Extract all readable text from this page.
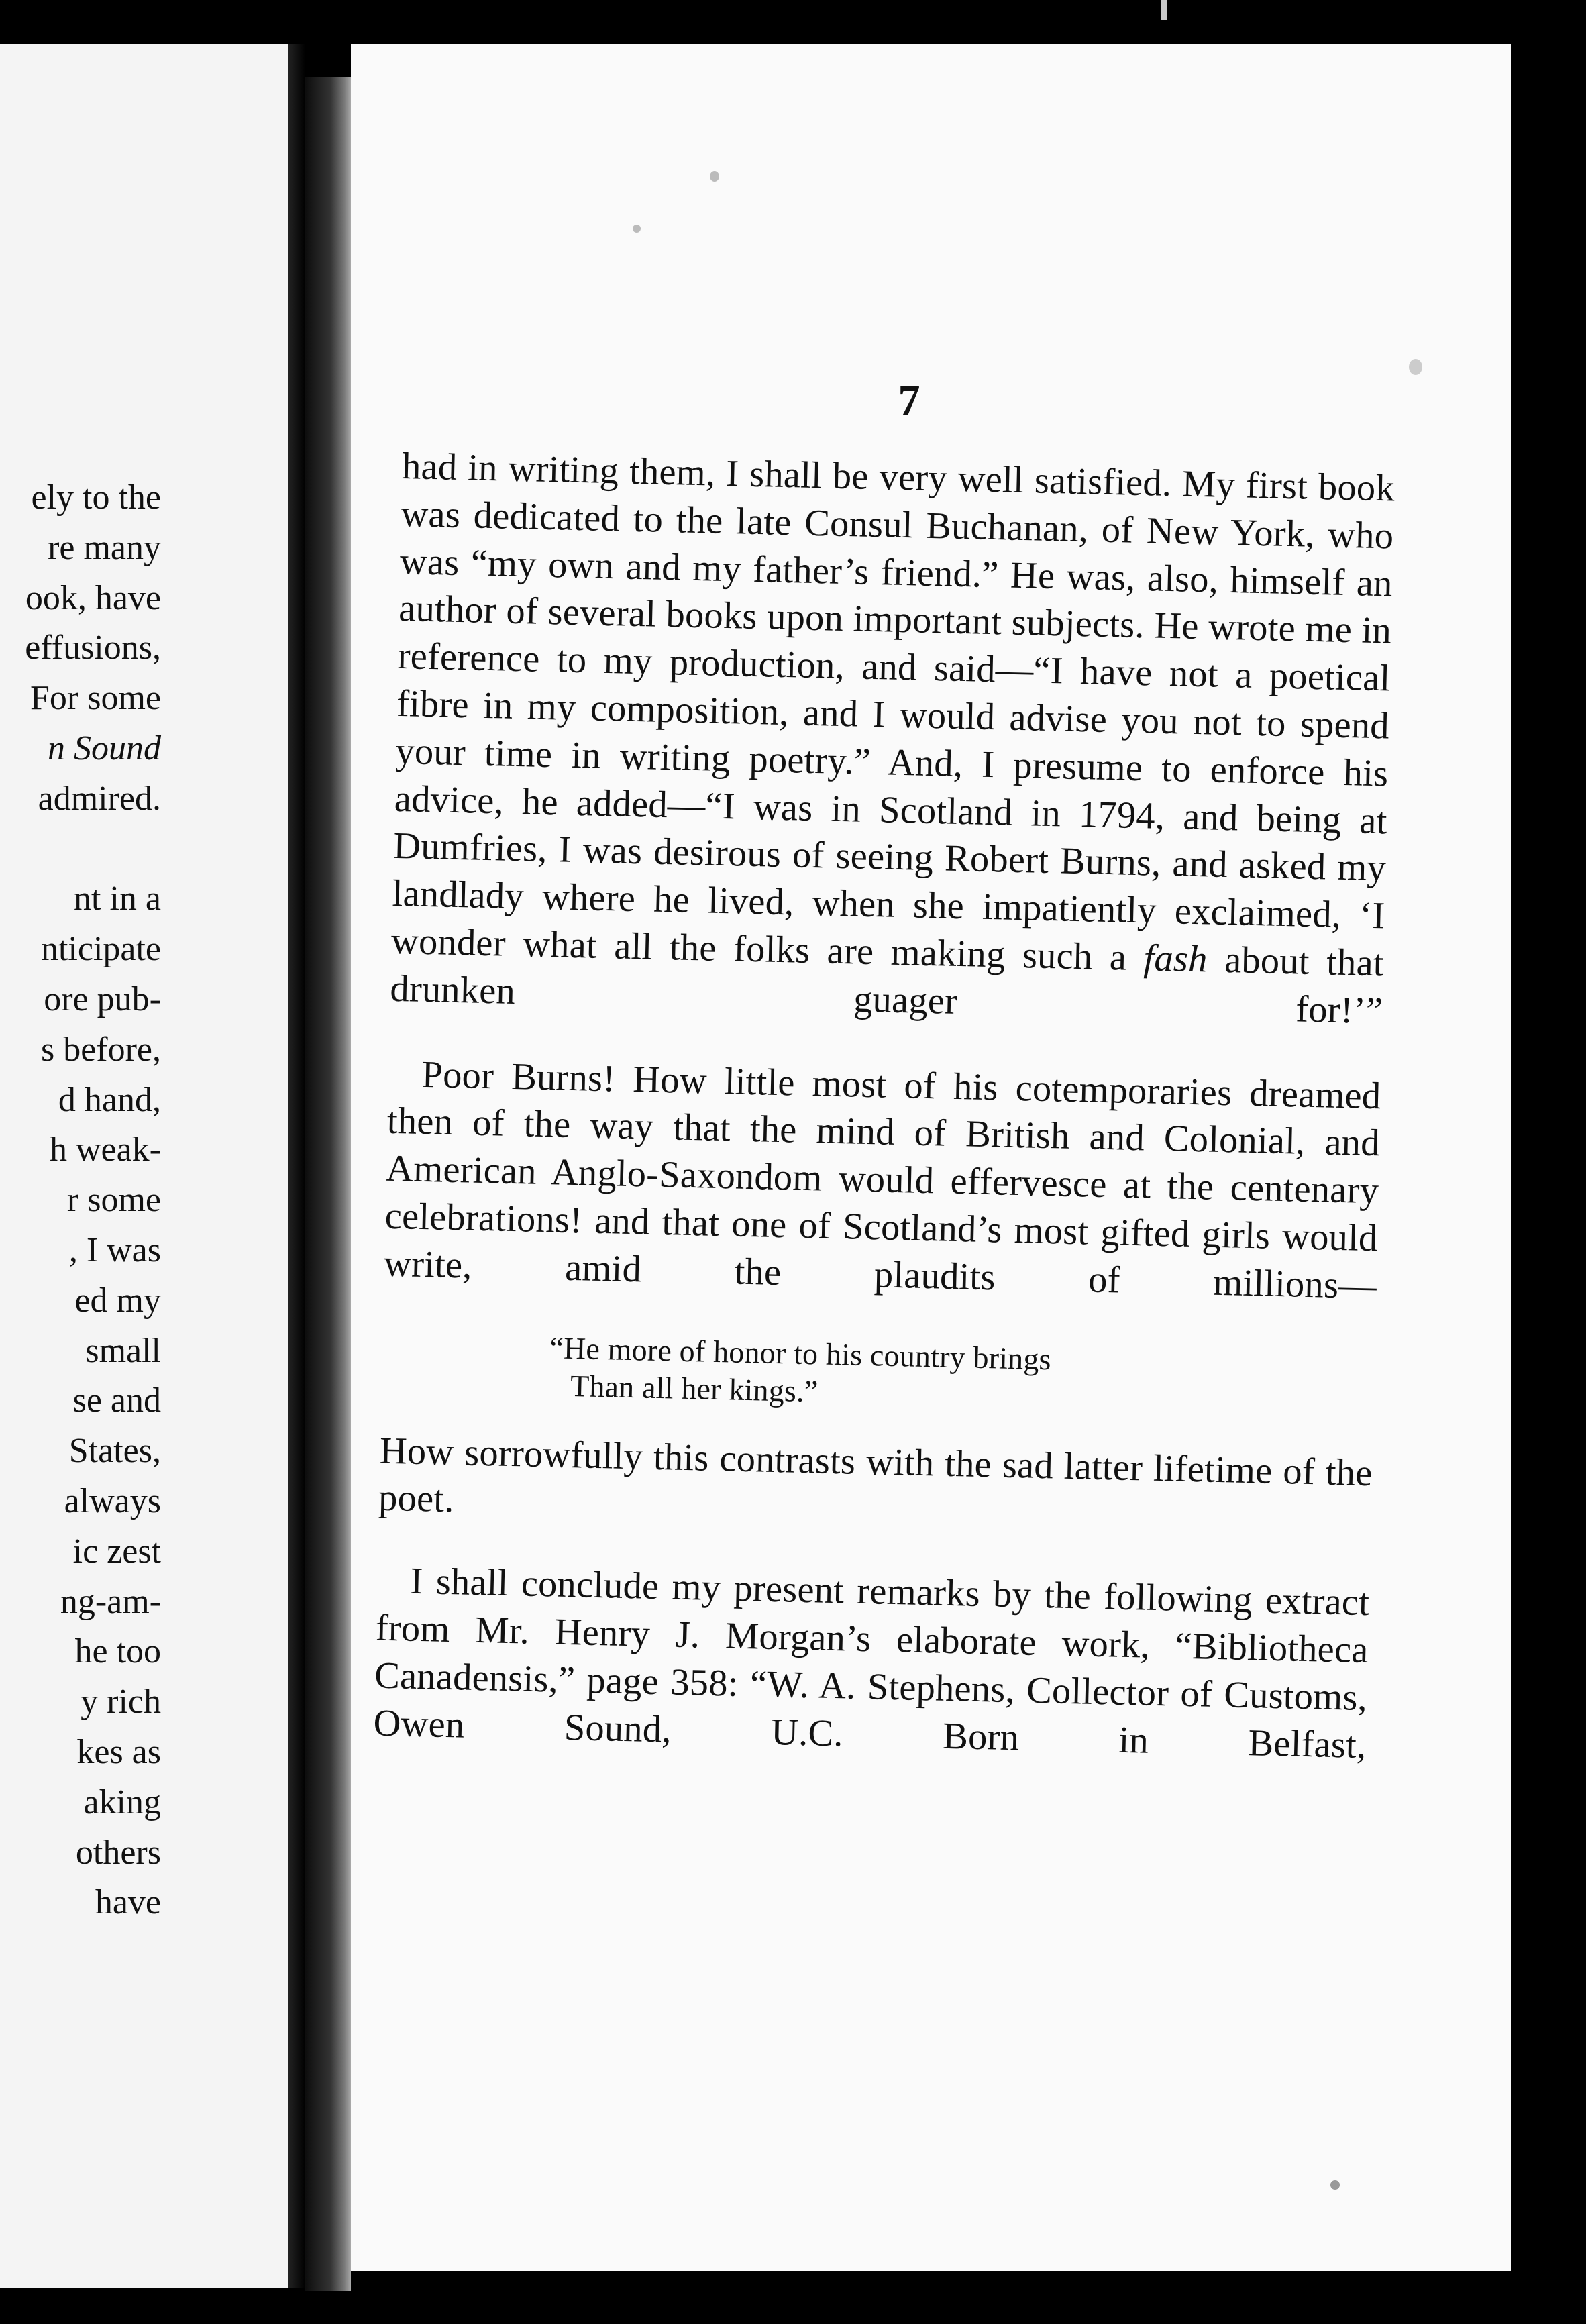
ely to the
re many
ook, have
effusions,
For some
n Sound
admired.

nt in a
nticipate
ore pub-
s before,
d hand,
h weak-
r some
, I was
ed my
small
se and
States,
always
ic zest
ng-am-
he too
y rich
kes as
aking
others
have
7

had in writing them, I shall be very well satisfied. My first book was dedicated to the late Consul Buchanan, of New York, who was “my own and my father’s friend.” He was, also, himself an author of several books upon important subjects. He wrote me in reference to my production, and said—“I have not a poetical fibre in my composition, and I would advise you not to spend your time in writing poetry.” And, I presume to enforce his advice, he added—“I was in Scotland in 1794, and being at Dumfries, I was desirous of seeing Robert Burns, and asked my landlady where he lived, when she impatiently exclaimed, ‘I wonder what all the folks are making such a fash about that drunken guager for!’”

Poor Burns! How little most of his cotemporaries dreamed then of the way that the mind of British and Colonial, and American Anglo-Saxondom would effervesce at the centenary celebrations! and that one of Scotland’s most gifted girls would write, amid the plaudits of millions—

“He more of honor to his country brings
Than all her kings.”

How sorrowfully this contrasts with the sad latter lifetime of the poet.

I shall conclude my present remarks by the following extract from Mr. Henry J. Morgan’s elaborate work, “Bibliotheca Canadensis,” page 358: “W. A. Stephens, Collector of Customs, Owen Sound, U.C. Born in Belfast,
